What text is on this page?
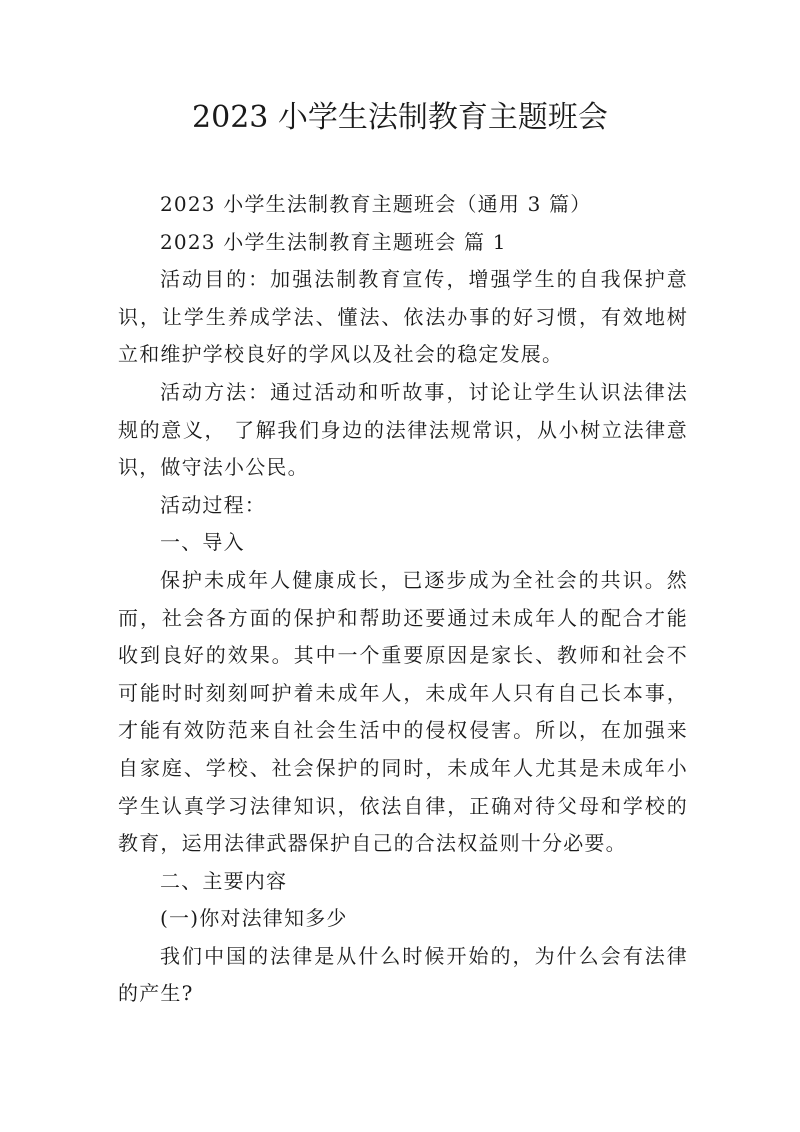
2023 小学生法制教育主题班会

2023 小学生法制教育主题班会（通用 3 篇）

2023 小学生法制教育主题班会 篇 1

活动目的：加强法制教育宣传，增强学生的自我保护意识，让学生养成学法、懂法、依法办事的好习惯，有效地树立和维护学校良好的学风以及社会的稳定发展。

活动方法：通过活动和听故事，讨论让学生认识法律法规的意义， 了解我们身边的法律法规常识，从小树立法律意识，做守法小公民。

活动过程：

一、导入

保护未成年人健康成长，已逐步成为全社会的共识。然而，社会各方面的保护和帮助还要通过未成年人的配合才能收到良好的效果。其中一个重要原因是家长、教师和社会不可能时时刻刻呵护着未成年人，未成年人只有自己长本事，才能有效防范来自社会生活中的侵权侵害。所以，在加强来自家庭、学校、社会保护的同时，未成年人尤其是未成年小学生认真学习法律知识，依法自律，正确对待父母和学校的教育，运用法律武器保护自己的合法权益则十分必要。

二、主要内容

(一)你对法律知多少

我们中国的法律是从什么时候开始的，为什么会有法律的产生?
